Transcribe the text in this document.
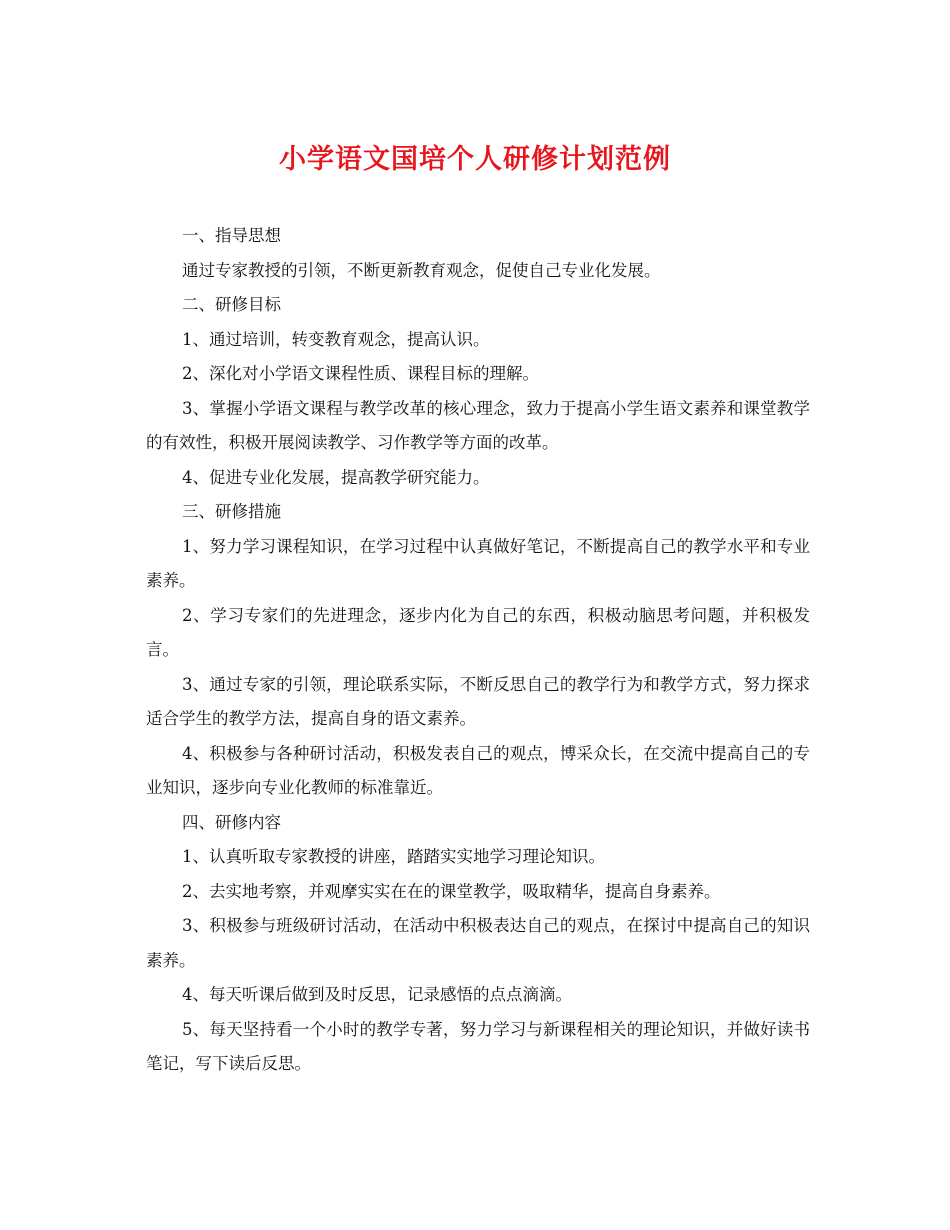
小学语文国培个人研修计划范例

一、指导思想

通过专家教授的引领，不断更新教育观念，促使自己专业化发展。

二、研修目标

1、通过培训，转变教育观念，提高认识。

2、深化对小学语文课程性质、课程目标的理解。

3、掌握小学语文课程与教学改革的核心理念，致力于提高小学生语文素养和课堂教学的有效性，积极开展阅读教学、习作教学等方面的改革。

4、促进专业化发展，提高教学研究能力。

三、研修措施

1、努力学习课程知识，在学习过程中认真做好笔记，不断提高自己的教学水平和专业素养。

2、学习专家们的先进理念，逐步内化为自己的东西，积极动脑思考问题，并积极发言。

3、通过专家的引领，理论联系实际，不断反思自己的教学行为和教学方式，努力探求适合学生的教学方法，提高自身的语文素养。

4、积极参与各种研讨活动，积极发表自己的观点，博采众长，在交流中提高自己的专业知识，逐步向专业化教师的标准靠近。

四、研修内容

1、认真听取专家教授的讲座，踏踏实实地学习理论知识。

2、去实地考察，并观摩实实在在的课堂教学，吸取精华，提高自身素养。

3、积极参与班级研讨活动，在活动中积极表达自己的观点，在探讨中提高自己的知识素养。

4、每天听课后做到及时反思，记录感悟的点点滴滴。

5、每天坚持看一个小时的教学专著，努力学习与新课程相关的理论知识，并做好读书笔记，写下读后反思。
